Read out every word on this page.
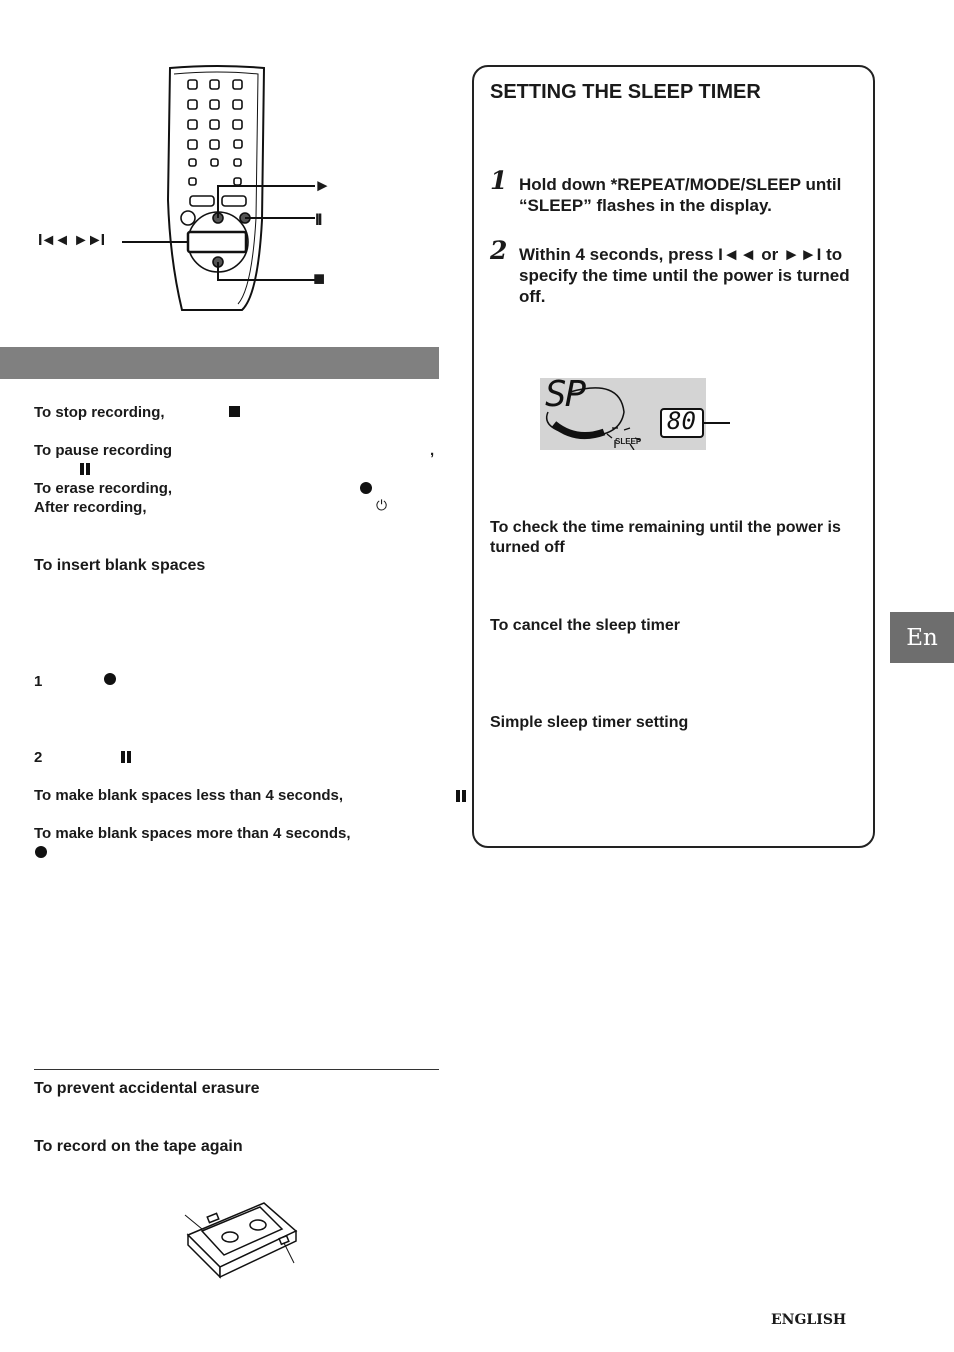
►
II
■
I◄◄  ►►I
To stop recording,
To pause recording	,

To erase recording,
After recording,	⏻
To insert blank spaces
1
2

To make blank spaces less than 4 seconds,
To make blank spaces more than 4 seconds,
To prevent accidental erasure
To record on the tape again
SETTING THE SLEEP TIMER
1 Hold down *REPEAT/MODE/SLEEP until “SLEEP” flashes in the display.
2 Within 4 seconds, press I◄◄ or ►►I to specify the time until the power is turned off.
SP
SLEEP
80
To check the time remaining until the power is turned off
To cancel the sleep timer
Simple sleep timer setting
En
ENGLISH
